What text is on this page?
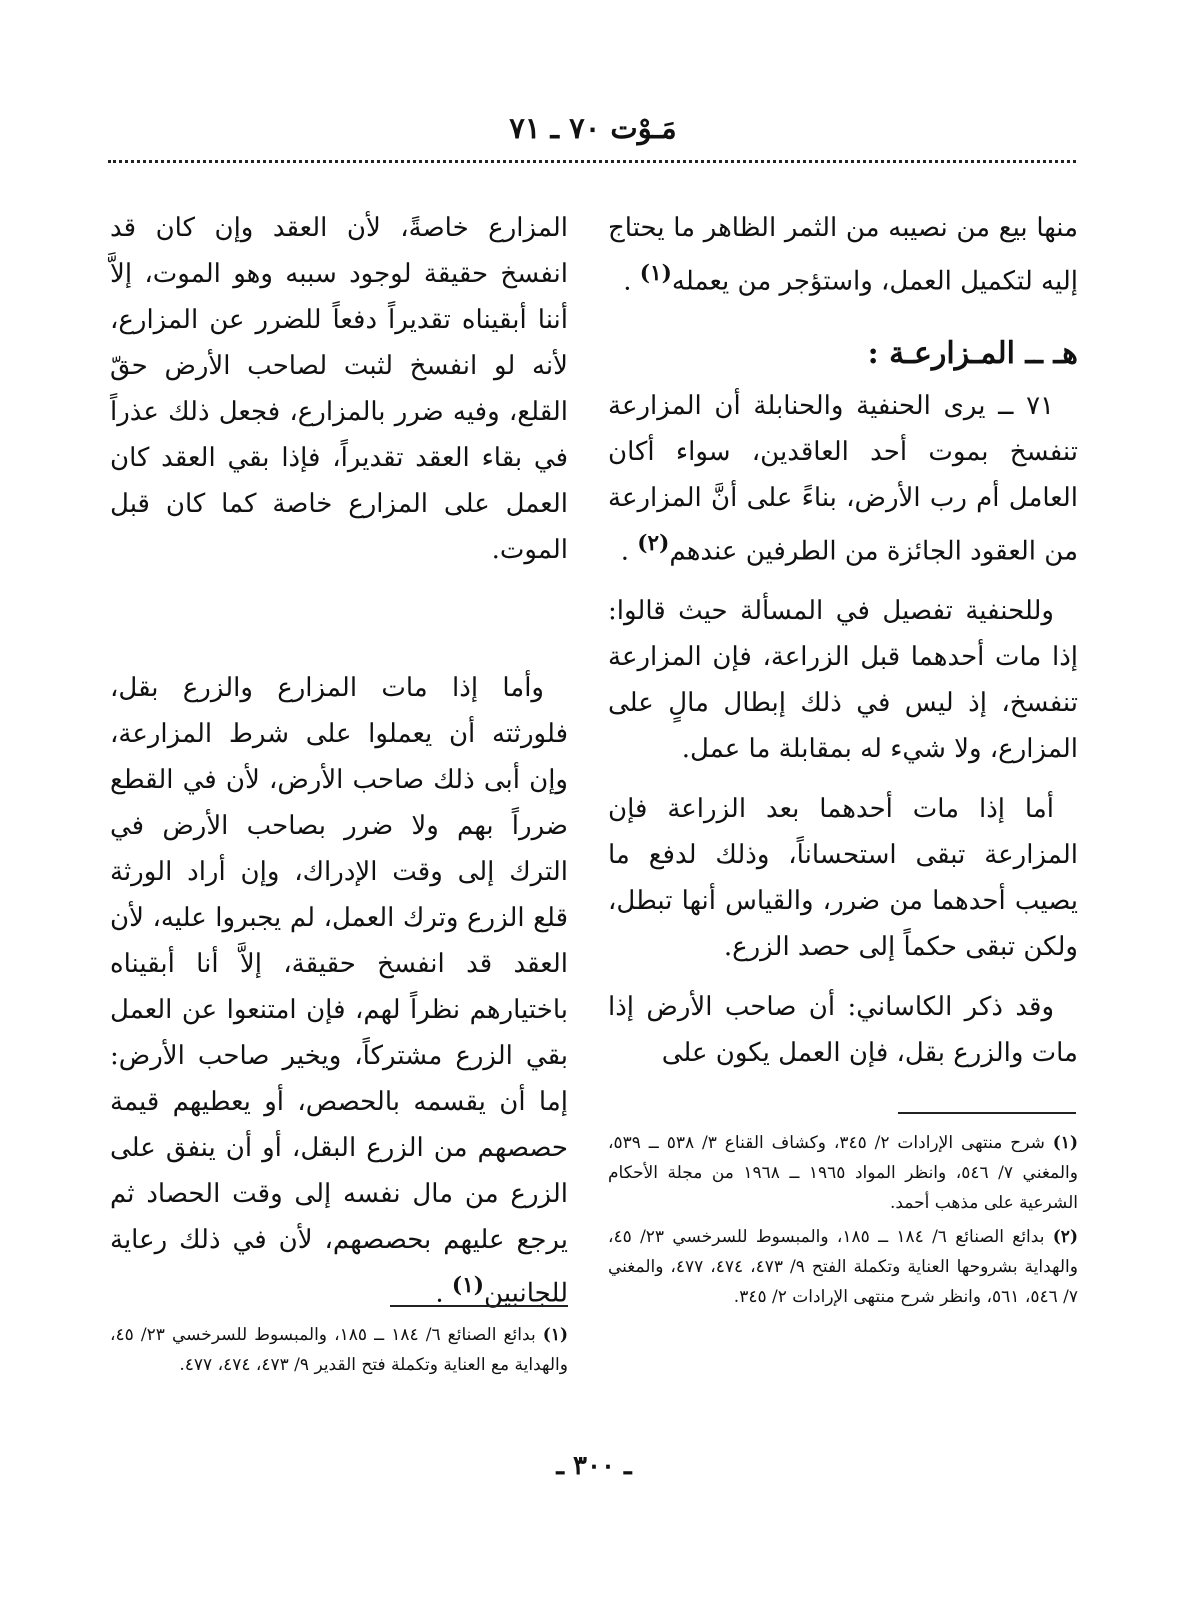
مَـوْت ٧٠ ـ ٧١

منها بيع من نصيبه من الثمر الظاهر ما يحتاج إليه لتكميل العمل، واستؤجر من يعمله$^{(١)}$ .

هـ ــ المـزارعـة :

٧١ ــ يرى الحنفية والحنابلة أن المزارعة تنفسخ بموت أحد العاقدين، سواء أكان العامل أم رب الأرض، بناءً على أنَّ المزارعة من العقود الجائزة من الطرفين عندهم$^{(٢)}$ .

وللحنفية تفصيل في المسألة حيث قالوا: إذا مات أحدهما قبل الزراعة، فإن المزارعة تنفسخ، إذ ليس في ذلك إبطال مالٍ على المزارع، ولا شيء له بمقابلة ما عمل.

أما إذا مات أحدهما بعد الزراعة فإن المزارعة تبقى استحساناً، وذلك لدفع ما يصيب أحدهما من ضرر، والقياس أنها تبطل، ولكن تبقى حكماً إلى حصد الزرع.

وقد ذكر الكاساني: أن صاحب الأرض إذا مات والزرع بقل، فإن العمل يكون على

المزارع خاصةً، لأن العقد وإن كان قد انفسخ حقيقة لوجود سببه وهو الموت، إلاَّ أننا أبقيناه تقديراً دفعاً للضرر عن المزارع، لأنه لو انفسخ لثبت لصاحب الأرض حقّ القلع، وفيه ضرر بالمزارع، فجعل ذلك عذراً في بقاء العقد تقديراً، فإذا بقي العقد كان العمل على المزارع خاصة كما كان قبل الموت.

وأما إذا مات المزارع والزرع بقل، فلورثته أن يعملوا على شرط المزارعة، وإن أبى ذلك صاحب الأرض، لأن في القطع ضرراً بهم ولا ضرر بصاحب الأرض في الترك إلى وقت الإدراك، وإن أراد الورثة قلع الزرع وترك العمل، لم يجبروا عليه، لأن العقد قد انفسخ حقيقة، إلاَّ أنا أبقيناه باختيارهم نظراً لهم، فإن امتنعوا عن العمل بقي الزرع مشتركاً، ويخير صاحب الأرض: إما أن يقسمه بالحصص، أو يعطيهم قيمة حصصهم من الزرع البقل، أو أن ينفق على الزرع من مال نفسه إلى وقت الحصاد ثم يرجع عليهم بحصصهم، لأن في ذلك رعاية للجانبين$^{(١)}$ .

(١) شرح منتهى الإرادات ٢/ ٣٤٥، وكشاف القناع ٣/ ٥٣٨ ــ ٥٣٩، والمغني ٧/ ٥٤٦، وانظر المواد ١٩٦٥ ــ ١٩٦٨ من مجلة الأحكام الشرعية على مذهب أحمد.

(٢) بدائع الصنائع ٦/ ١٨٤ ــ ١٨٥، والمبسوط للسرخسي ٢٣/ ٤٥، والهداية بشروحها العناية وتكملة الفتح ٩/ ٤٧٣، ٤٧٤، ٤٧٧، والمغني ٧/ ٥٤٦، ٥٦١، وانظر شرح منتهى الإرادات ٢/ ٣٤٥.

(١) بدائع الصنائع ٦/ ١٨٤ ــ ١٨٥، والمبسوط للسرخسي ٢٣/ ٤٥، والهداية مع العناية وتكملة فتح القدير ٩/ ٤٧٣، ٤٧٤، ٤٧٧.

ـ ٣٠٠ ـ
